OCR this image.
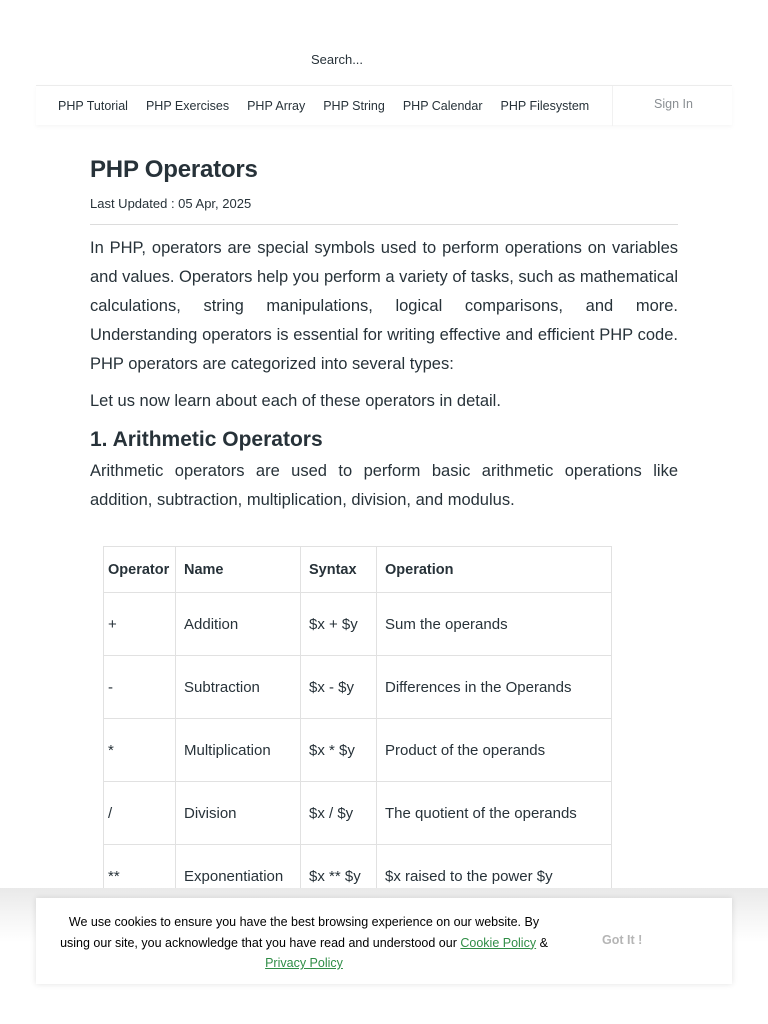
Search...
PHP Tutorial PHP Exercises PHP Array PHP String PHP Calendar PHP Filesystem	Sign In
PHP Operators
Last Updated : 05 Apr, 2025

In PHP, operators are special symbols used to perform operations on variables and values. Operators help you perform a variety of tasks, such as mathematical calculations, string manipulations, logical comparisons, and more. Understanding operators is essential for writing effective and efficient PHP code. PHP operators are categorized into several types:

Let us now learn about each of these operators in detail.

1. Arithmetic Operators

Arithmetic operators are used to perform basic arithmetic operations like addition, subtraction, multiplication, division, and modulus.

Operator	Name	Syntax	Operation
+	Addition	$x + $y	Sum the operands
-	Subtraction	$x - $y	Differences in the Operands
*	Multiplication	$x * $y	Product of the operands
/	Division	$x / $y	The quotient of the operands
**	Exponentiation	$x ** $y	$x raised to the power $y
We use cookies to ensure you have the best browsing experience on our website. By using our site, you acknowledge that you have read and understood our Cookie Policy &
Privacy Policy
Got It !
